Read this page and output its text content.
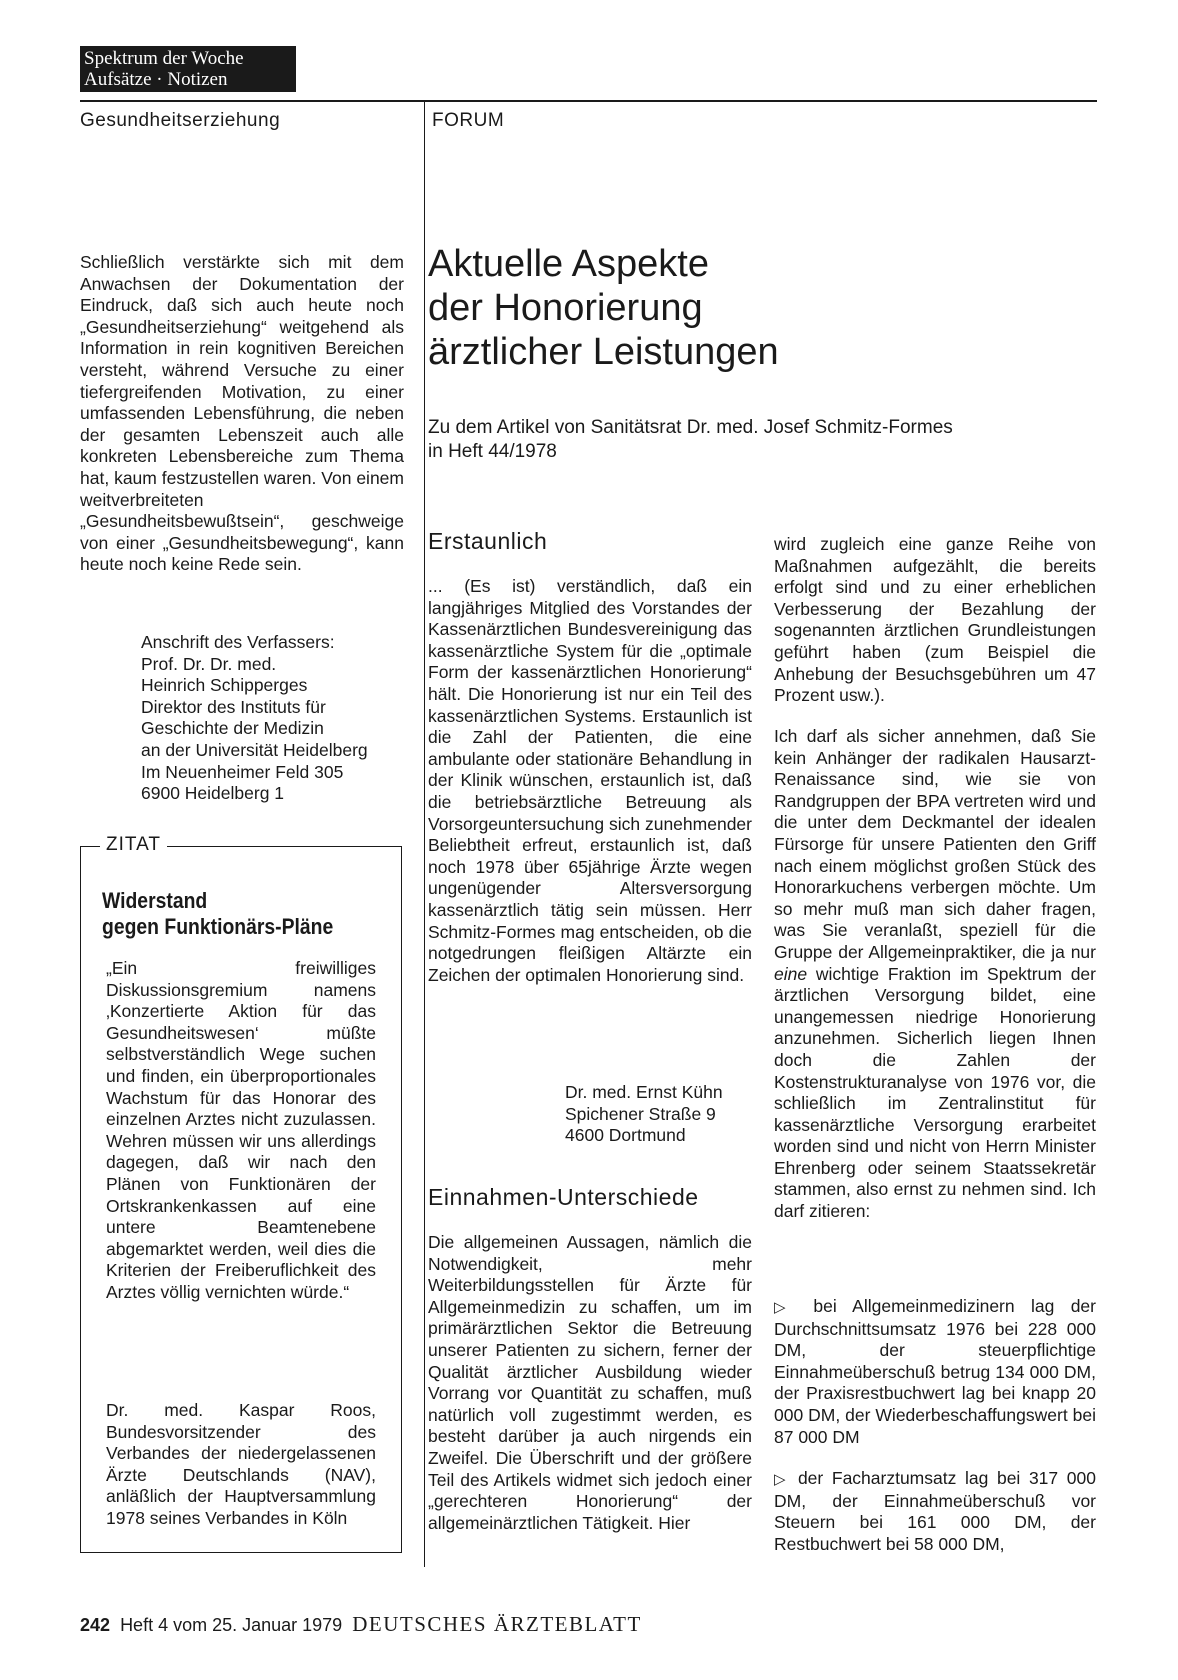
Spektrum der Woche
Aufsätze · Notizen
Gesundheitserziehung	FORUM
Schließlich verstärkte sich mit dem Anwachsen der Dokumentation der Eindruck, daß sich auch heute noch „Gesundheitserziehung“ weitgehend als Information in rein kognitiven Bereichen versteht, während Versuche zu einer tiefergreifenden Motivation, zu einer umfassenden Lebensführung, die neben der gesamten Lebenszeit auch alle konkreten Lebensbereiche zum Thema hat, kaum festzustellen waren. Von einem weitverbreiteten „Gesundheitsbewußtsein“, geschweige von einer „Gesundheitsbewegung“, kann heute noch keine Rede sein.
Anschrift des Verfassers:
Prof. Dr. Dr. med.
Heinrich Schipperges
Direktor des Instituts für
Geschichte der Medizin
an der Universität Heidelberg
Im Neuenheimer Feld 305
6900 Heidelberg 1
ZITAT
Widerstand
gegen Funktionärs-Pläne
„Ein freiwilliges Diskussionsgremium namens ‚Konzertierte Aktion für das Gesundheitswesen‘ müßte selbstverständlich Wege suchen und finden, ein überproportionales Wachstum für das Honorar des einzelnen Arztes nicht zuzulassen. Wehren müssen wir uns allerdings dagegen, daß wir nach den Plänen von Funktionären der Ortskrankenkassen auf eine untere Beamtenebene abgemarktet werden, weil dies die Kriterien der Freiberuflichkeit des Arztes völlig vernichten würde.“
Dr. med. Kaspar Roos, Bundesvorsitzender des Verbandes der niedergelassenen Ärzte Deutschlands (NAV), anläßlich der Hauptversammlung 1978 seines Verbandes in Köln
Aktuelle Aspekte
der Honorierung
ärztlicher Leistungen
Zu dem Artikel von Sanitätsrat Dr. med. Josef Schmitz-Formes
in Heft 44/1978
Erstaunlich
... (Es ist) verständlich, daß ein langjähriges Mitglied des Vorstandes der Kassenärztlichen Bundesvereinigung das kassenärztliche System für die „optimale Form der kassenärztlichen Honorierung“ hält. Die Honorierung ist nur ein Teil des kassenärztlichen Systems. Erstaunlich ist die Zahl der Patienten, die eine ambulante oder stationäre Behandlung in der Klinik wünschen, erstaunlich ist, daß die betriebsärztliche Betreuung als Vorsorgeuntersuchung sich zunehmender Beliebtheit erfreut, erstaunlich ist, daß noch 1978 über 65jährige Ärzte wegen ungenügender Altersversorgung kassenärztlich tätig sein müssen. Herr Schmitz-Formes mag entscheiden, ob die notgedrungen fleißigen Altärzte ein Zeichen der optimalen Honorierung sind.
Dr. med. Ernst Kühn
Spichener Straße 9
4600 Dortmund
Einnahmen-Unterschiede
Die allgemeinen Aussagen, nämlich die Notwendigkeit, mehr Weiterbildungsstellen für Ärzte für Allgemeinmedizin zu schaffen, um im primärärztlichen Sektor die Betreuung unserer Patienten zu sichern, ferner der Qualität ärztlicher Ausbildung wieder Vorrang vor Quantität zu schaffen, muß natürlich voll zugestimmt werden, es besteht darüber ja auch nirgends ein Zweifel. Die Überschrift und der größere Teil des Artikels widmet sich jedoch einer „gerechteren Honorierung“ der allgemeinärztlichen Tätigkeit. Hier
wird zugleich eine ganze Reihe von Maßnahmen aufgezählt, die bereits erfolgt sind und zu einer erheblichen Verbesserung der Bezahlung der sogenannten ärztlichen Grundleistungen geführt haben (zum Beispiel die Anhebung der Besuchsgebühren um 47 Prozent usw.).
Ich darf als sicher annehmen, daß Sie kein Anhänger der radikalen Hausarzt-Renaissance sind, wie sie von Randgruppen der BPA vertreten wird und die unter dem Deckmantel der idealen Fürsorge für unsere Patienten den Griff nach einem möglichst großen Stück des Honorarkuchens verbergen möchte. Um so mehr muß man sich daher fragen, was Sie veranlaßt, speziell für die Gruppe der Allgemeinpraktiker, die ja nur eine wichtige Fraktion im Spektrum der ärztlichen Versorgung bildet, eine unangemessen niedrige Honorierung anzunehmen. Sicherlich liegen Ihnen doch die Zahlen der Kostenstrukturanalyse von 1976 vor, die schließlich im Zentralinstitut für kassenärztliche Versorgung erarbeitet worden sind und nicht von Herrn Minister Ehrenberg oder seinem Staatssekretär stammen, also ernst zu nehmen sind. Ich darf zitieren:
▷ bei Allgemeinmedizinern lag der Durchschnittsumsatz 1976 bei 228 000 DM, der steuerpflichtige Einnahmeüberschuß betrug 134 000 DM, der Praxisrestbuchwert lag bei knapp 20 000 DM, der Wiederbeschaffungswert bei 87 000 DM
▷ der Facharztumsatz lag bei 317 000 DM, der Einnahmeüberschuß vor Steuern bei 161 000 DM, der Restbuchwert bei 58 000 DM,
242 Heft 4 vom 25. Januar 1979 DEUTSCHES ÄRZTEBLATT
